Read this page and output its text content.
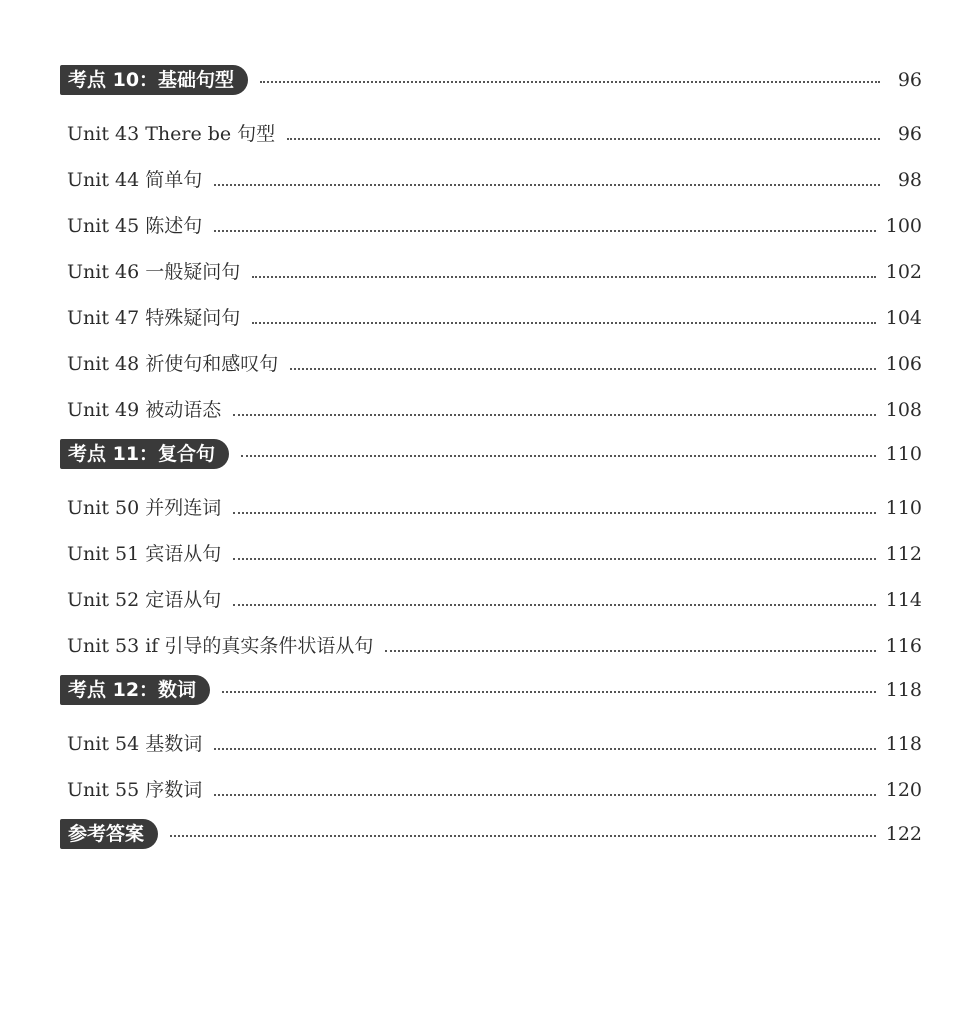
考点 10：基础句型	96
Unit 43 There be 句型	96
Unit 44 简单句	98
Unit 45 陈述句	100
Unit 46 一般疑问句	102
Unit 47 特殊疑问句	104
Unit 48 祈使句和感叹句	106
Unit 49 被动语态	108
考点 11：复合句	110
Unit 50 并列连词	110
Unit 51 宾语从句	112
Unit 52 定语从句	114
Unit 53 if 引导的真实条件状语从句	116
考点 12：数词	118
Unit 54 基数词	118
Unit 55 序数词	120
参考答案	122
